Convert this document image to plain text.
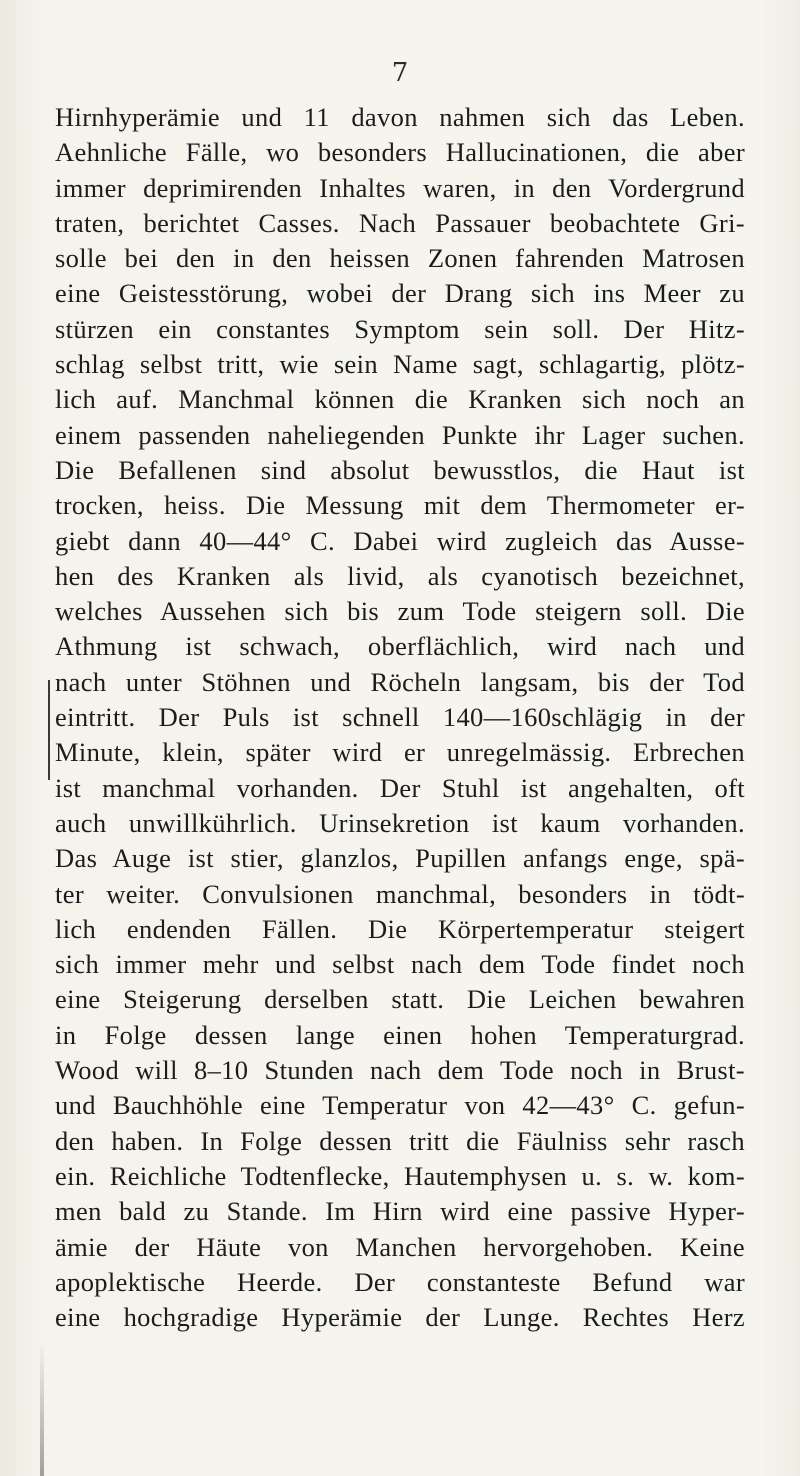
7
Hirnhyperämie und 11 davon nahmen sich das Leben.
Aehnliche Fälle, wo besonders Hallucinationen, die aber
immer deprimirenden Inhaltes waren, in den Vordergrund
traten, berichtet Casses. Nach Passauer beobachtete Gri-
solle bei den in den heissen Zonen fahrenden Matrosen
eine Geistesstörung, wobei der Drang sich ins Meer zu
stürzen ein constantes Symptom sein soll. Der Hitz-
schlag selbst tritt, wie sein Name sagt, schlagartig, plötz-
lich auf. Manchmal können die Kranken sich noch an
einem passenden naheliegenden Punkte ihr Lager suchen.
Die Befallenen sind absolut bewusstlos, die Haut ist
trocken, heiss. Die Messung mit dem Thermometer er-
giebt dann 40—44° C. Dabei wird zugleich das Ausse-
hen des Kranken als livid, als cyanotisch bezeichnet,
welches Aussehen sich bis zum Tode steigern soll. Die
Athmung ist schwach, oberflächlich, wird nach und
nach unter Stöhnen und Röcheln langsam, bis der Tod
eintritt. Der Puls ist schnell 140—160schlägig in der
Minute, klein, später wird er unregelmässig. Erbrechen
ist manchmal vorhanden. Der Stuhl ist angehalten, oft
auch unwillkührlich. Urinsekretion ist kaum vorhanden.
Das Auge ist stier, glanzlos, Pupillen anfangs enge, spä-
ter weiter. Convulsionen manchmal, besonders in tödt-
lich endenden Fällen. Die Körpertemperatur steigert
sich immer mehr und selbst nach dem Tode findet noch
eine Steigerung derselben statt. Die Leichen bewahren
in Folge dessen lange einen hohen Temperaturgrad.
Wood will 8–10 Stunden nach dem Tode noch in Brust-
und Bauchhöhle eine Temperatur von 42—43° C. gefun-
den haben. In Folge dessen tritt die Fäulniss sehr rasch
ein. Reichliche Todtenflecke, Hautemphysen u. s. w. kom-
men bald zu Stande. Im Hirn wird eine passive Hyper-
ämie der Häute von Manchen hervorgehoben. Keine
apoplektische Heerde. Der constanteste Befund war
eine hochgradige Hyperämie der Lunge. Rechtes Herz
